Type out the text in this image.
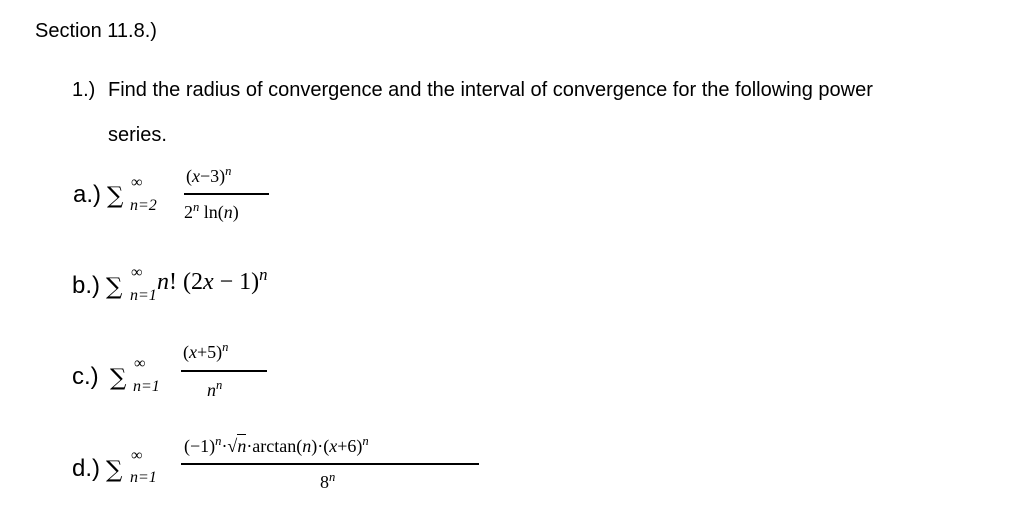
Section 11.8.)
1.) Find the radius of convergence and the interval of convergence for the following power
series.
a.) ∑
∞
n=2
$(x-3)^n$
2$^n$ ln(n)
b.) ∑
∞
n=1
n! $(2x - 1)^n$
c.) ∑
∞
n=1
$(x+5)^n$
$n^n$
d.) ∑
∞
n=1
$(-1)^n\cdot√n\cdot\arctan(n)\cdot(x+6)^n$
8$^n$
